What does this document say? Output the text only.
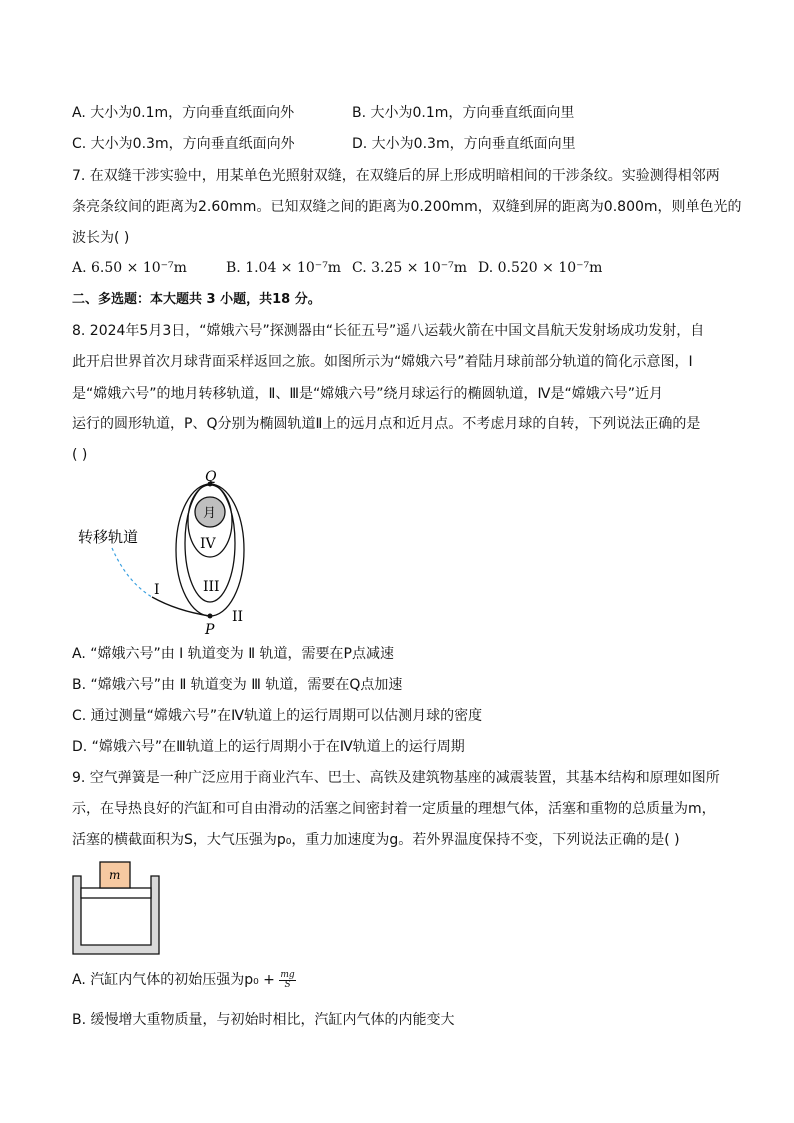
A. 大小为0.1m，方向垂直纸面向外	B. 大小为0.1m，方向垂直纸面向里
C. 大小为0.3m，方向垂直纸面向外	D. 大小为0.3m，方向垂直纸面向里
7. 在双缝干涉实验中，用某单色光照射双缝，在双缝后的屏上形成明暗相间的干涉条纹。实验测得相邻两
条亮条纹间的距离为2.60mm。已知双缝之间的距离为0.200mm，双缝到屏的距离为0.800m，则单色光的
波长为( )
A. 6.50 × 10⁻⁷m	B. 1.04 × 10⁻⁷m C. 3.25 × 10⁻⁷m D. 0.520 × 10⁻⁷m
二、多选题：本大题共 3 小题，共18 分。
8. 2024年5月3日，“嫦娥六号”探测器由“长征五号”遥八运载火箭在中国文昌航天发射场成功发射，自
此开启世界首次月球背面采样返回之旅。如图所示为“嫦娥六号”着陆月球前部分轨道的简化示意图，I
是“嫦娥六号”的地月转移轨道，Ⅱ、Ⅲ是“嫦娥六号”绕月球运行的椭圆轨道，Ⅳ是“嫦娥六号”近月
运行的圆形轨道，P、Q分别为椭圆轨道Ⅱ上的远月点和近月点。不考虑月球的自转，下列说法正确的是
( )
月
Q
P
IV
III
II
I
转移轨道
A. “嫦娥六号”由 I 轨道变为 Ⅱ 轨道，需要在P点减速
B. “嫦娥六号”由 Ⅱ 轨道变为 Ⅲ 轨道，需要在Q点加速
C. 通过测量“嫦娥六号”在Ⅳ轨道上的运行周期可以估测月球的密度
D. “嫦娥六号”在Ⅲ轨道上的运行周期小于在Ⅳ轨道上的运行周期
9. 空气弹簧是一种广泛应用于商业汽车、巴士、高铁及建筑物基座的减震装置，其基本结构和原理如图所
示，在导热良好的汽缸和可自由滑动的活塞之间密封着一定质量的理想气体，活塞和重物的总质量为m，
活塞的横截面积为S，大气压强为p₀，重力加速度为g。若外界温度保持不变，下列说法正确的是( )
m
A. 汽缸内气体的初始压强为$p_0 + \frac{mg}{S}$
B. 缓慢增大重物质量，与初始时相比，汽缸内气体的内能变大
